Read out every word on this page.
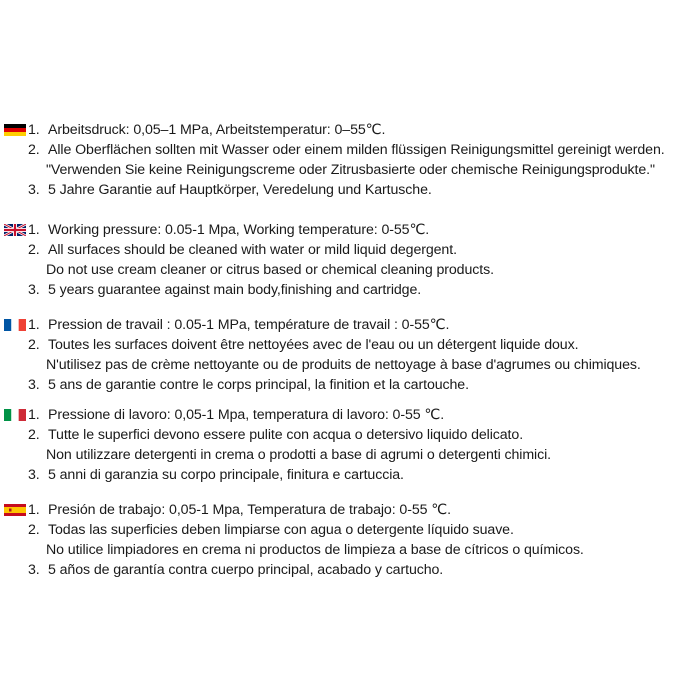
1. Arbeitsdruck: 0,05–1 MPa, Arbeitstemperatur: 0–55℃.
2. Alle Oberflächen sollten mit Wasser oder einem milden flüssigen Reinigungsmittel gereinigt werden.
"Verwenden Sie keine Reinigungscreme oder Zitrusbasierte oder chemische Reinigungsprodukte."
3. 5 Jahre Garantie auf Hauptkörper, Veredelung und Kartusche.
1. Working pressure: 0.05-1 Mpa, Working temperature: 0-55℃.
2. All surfaces should be cleaned with water or mild liquid degergent.
Do not use cream cleaner or citrus based or chemical cleaning products.
3. 5 years guarantee against main body,finishing and cartridge.
1. Pression de travail : 0.05-1 MPa, température de travail : 0-55℃.
2. Toutes les surfaces doivent être nettoyées avec de l'eau ou un détergent liquide doux.
N'utilisez pas de crème nettoyante ou de produits de nettoyage à base d'agrumes ou chimiques.
3. 5 ans de garantie contre le corps principal, la finition et la cartouche.
1. Pressione di lavoro: 0,05-1 Mpa, temperatura di lavoro: 0-55 ℃.
2. Tutte le superfici devono essere pulite con acqua o detersivo liquido delicato.
Non utilizzare detergenti in crema o prodotti a base di agrumi o detergenti chimici.
3. 5 anni di garanzia su corpo principale, finitura e cartuccia.
1. Presión de trabajo: 0,05-1 Mpa, Temperatura de trabajo: 0-55 ℃.
2. Todas las superficies deben limpiarse con agua o detergente líquido suave.
No utilice limpiadores en crema ni productos de limpieza a base de cítricos o químicos.
3. 5 años de garantía contra cuerpo principal, acabado y cartucho.
